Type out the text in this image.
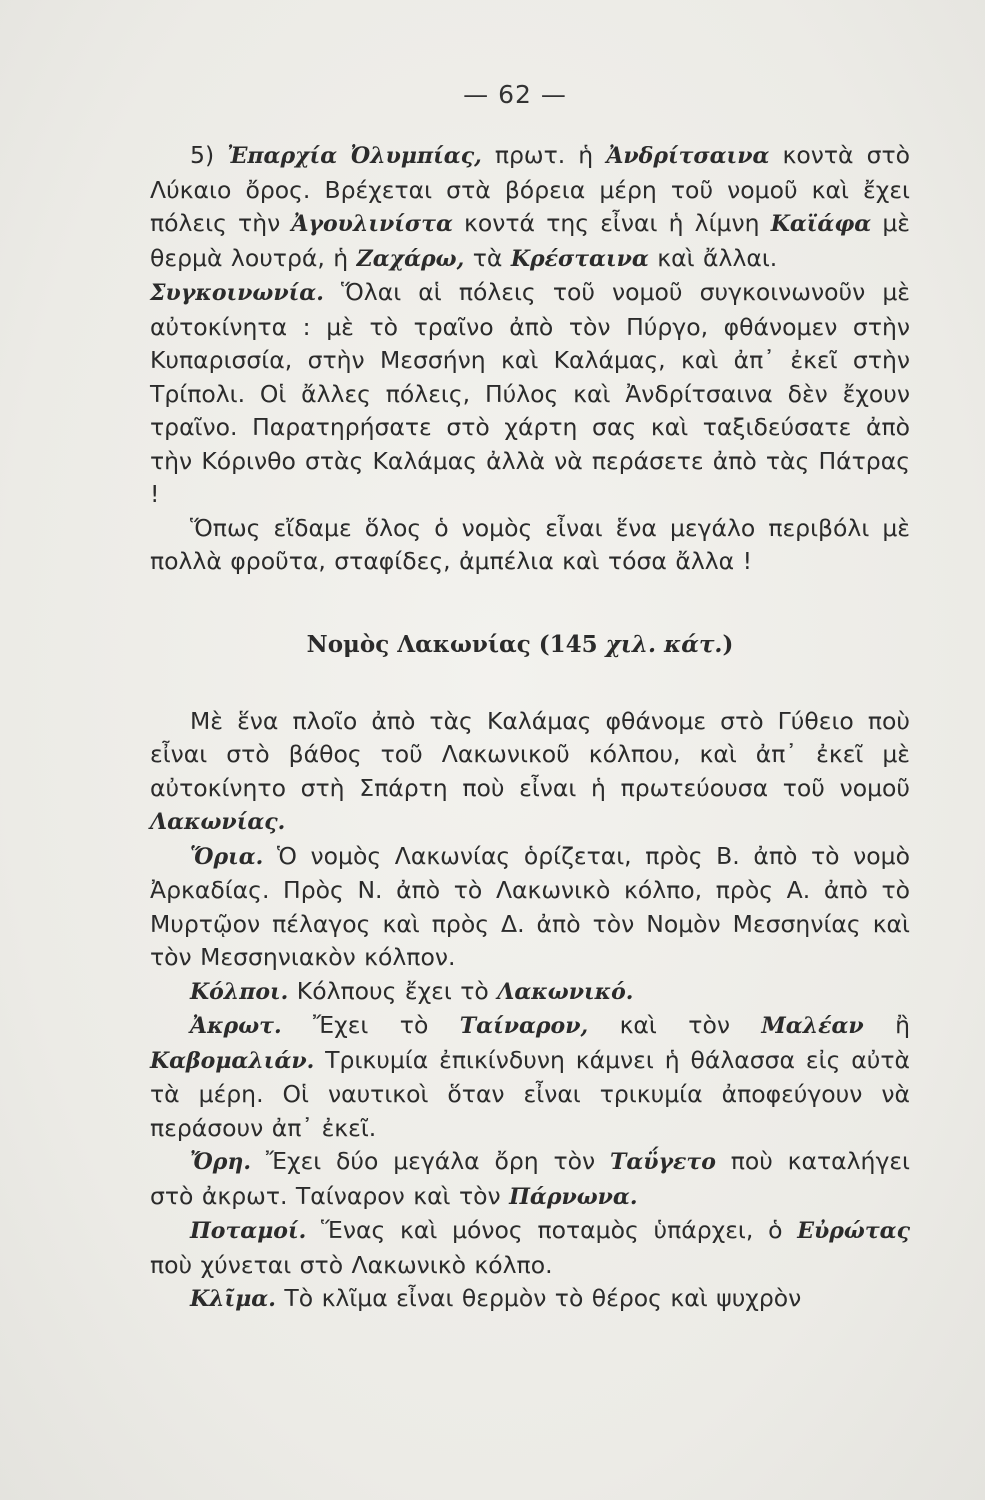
— 62 —

5) Ἐπαρχία Ὀλυμπίας, πρωτ. ἡ Ἀνδρίτσαινα κοντὰ στὸ Λύκαιο ὄρος. Βρέχεται στὰ βόρεια μέρη τοῦ νομοῦ καὶ ἔχει πόλεις τὴν Ἀγουλινίστα κοντά της εἶναι ἡ λίμνη Καϊάφα μὲ θερμὰ λουτρά, ἡ Ζαχάρω, τὰ Κρέσταινα καὶ ἄλλαι.

Συγκοινωνία. Ὅλαι αἱ πόλεις τοῦ νομοῦ συγκοινωνοῦν μὲ αὐτοκίνητα : μὲ τὸ τραῖνο ἀπὸ τὸν Πύργο, φθάνομεν στὴν Κυπαρισσία, στὴν Μεσσήνη καὶ Καλάμας, καὶ ἀπ᾿ ἐκεῖ στὴν Τρίπολι. Οἱ ἄλλες πόλεις, Πύλος καὶ Ἀνδρίτσαινα δὲν ἔχουν τραῖνο. Παρατηρήσατε στὸ χάρτη σας καὶ ταξιδεύσατε ἀπὸ τὴν Κόρινθο στὰς Καλάμας ἀλλὰ νὰ περάσετε ἀπὸ τὰς Πάτρας !

Ὅπως εἴδαμε ὅλος ὁ νομὸς εἶναι ἕνα μεγάλο περιβόλι μὲ πολλὰ φροῦτα, σταφίδες, ἀμπέλια καὶ τόσα ἄλλα !

Νομὸς Λακωνίας (145 χιλ. κάτ.)

Μὲ ἕνα πλοῖο ἀπὸ τὰς Καλάμας φθάνομε στὸ Γύθειο ποὺ εἶναι στὸ βάθος τοῦ Λακωνικοῦ κόλπου, καὶ ἀπ᾿ ἐκεῖ μὲ αὐτοκίνητο στὴ Σπάρτη ποὺ εἶναι ἡ πρωτεύουσα τοῦ νομοῦ Λακωνίας.

Ὅρια. Ὁ νομὸς Λακωνίας ὁρίζεται, πρὸς Β. ἀπὸ τὸ νομὸ Ἀρκαδίας. Πρὸς Ν. ἀπὸ τὸ Λακωνικὸ κόλπο, πρὸς Α. ἀπὸ τὸ Μυρτῷον πέλαγος καὶ πρὸς Δ. ἀπὸ τὸν Νομὸν Μεσσηνίας καὶ τὸν Μεσσηνιακὸν κόλπον.

Κόλποι. Κόλπους ἔχει τὸ Λακωνικό.

Ἀκρωτ. Ἔχει τὸ Ταίναρον, καὶ τὸν Μαλέαν ἢ Καβομαλιάν. Τρικυμία ἐπικίνδυνη κάμνει ἡ θάλασσα εἰς αὐτὰ τὰ μέρη. Οἱ ναυτικοὶ ὅταν εἶναι τρικυμία ἀποφεύγουν νὰ περάσουν ἀπ᾿ ἐκεῖ.

Ὄρη. Ἔχει δύο μεγάλα ὄρη τὸν Ταΰγετο ποὺ καταλήγει στὸ ἀκρωτ. Ταίναρον καὶ τὸν Πάρνωνα.

Ποταμοί. Ἕνας καὶ μόνος ποταμὸς ὑπάρχει, ὁ Εὐρώτας ποὺ χύνεται στὸ Λακωνικὸ κόλπο.

Κλῖμα. Τὸ κλῖμα εἶναι θερμὸν τὸ θέρος καὶ ψυχρὸν
